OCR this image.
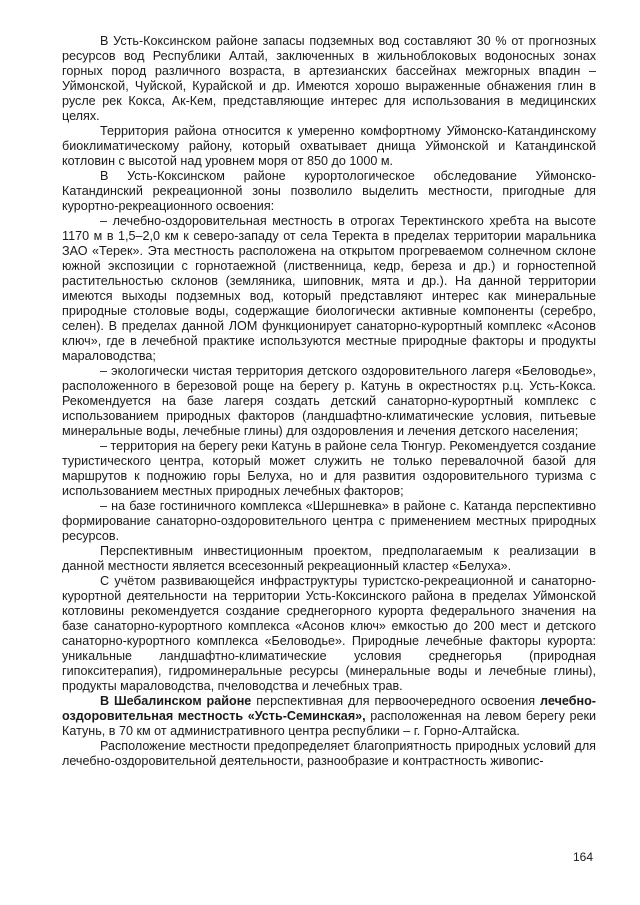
В Усть-Коксинском районе запасы подземных вод составляют 30 % от прогнозных ресурсов вод Республики Алтай, заключенных в жильноблоковых водоносных зонах горных пород различного возраста, в артезианских бассейнах межгорных впадин – Уймонской, Чуйской, Курайской и др. Имеются хорошо выраженные обнажения глин в русле рек Кокса, Ак-Кем, представляющие интерес для использования в медицинских целях.

Территория района относится к умеренно комфортному Уймонско-Катандинскому биоклиматическому району, который охватывает днища Уймонской и Катандинской котловин с высотой над уровнем моря от 850 до 1000 м.

В Усть-Коксинском районе курортологическое обследование Уймонско-Катандинский рекреационной зоны позволило выделить местности, пригодные для курортно-рекреационного освоения:

– лечебно-оздоровительная местность в отрогах Теректинского хребта на высоте 1170 м в 1,5–2,0 км к северо-западу от села Теректа в пределах территории маральника ЗАО «Терек». Эта местность расположена на открытом прогреваемом солнечном склоне южной экспозиции с горнотаежной (лиственница, кедр, береза и др.) и горностепной растительностью склонов (земляника, шиповник, мята и др.). На данной территории имеются выходы подземных вод, который представляют интерес как минеральные природные столовые воды, содержащие биологически активные компоненты (серебро, селен). В пределах данной ЛОМ функционирует санаторно-курортный комплекс «Асонов ключ», где в лечебной практике используются местные природные факторы и продукты мараловодства;

– экологически чистая территория детского оздоровительного лагеря «Беловодье», расположенного в березовой роще на берегу р. Катунь в окрестностях р.ц. Усть-Кокса. Рекомендуется на базе лагеря создать детский санаторно-курортный комплекс с использованием природных факторов (ландшафтно-климатические условия, питьевые минеральные воды, лечебные глины) для оздоровления и лечения детского населения;

– территория на берегу реки Катунь в районе села Тюнгур. Рекомендуется создание туристического центра, который может служить не только перевалочной базой для маршрутов к подножию горы Белуха, но и для развития оздоровительного туризма с использованием местных природных лечебных факторов;

– на базе гостиничного комплекса «Шершневка» в районе с. Катанда перспективно формирование санаторно-оздоровительного центра с применением местных природных ресурсов.

Перспективным инвестиционным проектом, предполагаемым к реализации в данной местности является всесезонный рекреационный кластер «Белуха».

С учётом развивающейся инфраструктуры туристско-рекреационной и санаторно-курортной деятельности на территории Усть-Коксинского района в пределах Уймонской котловины рекомендуется создание среднегорного курорта федерального значения на базе санаторно-курортного комплекса «Асонов ключ» емкостью до 200 мест и детского санаторно-курортного комплекса «Беловодье». Природные лечебные факторы курорта: уникальные ландшафтно-климатические условия среднегорья (природная гипокситерапия), гидроминеральные ресурсы (минеральные воды и лечебные глины), продукты мараловодства, пчеловодства и лечебных трав.

В Шебалинском районе перспективная для первоочередного освоения лечебно-оздоровительная местность «Усть-Семинская», расположенная на левом берегу реки Катунь, в 70 км от административного центра республики – г. Горно-Алтайска.

Расположение местности предопределяет благоприятность природных условий для лечебно-оздоровительной деятельности, разнообразие и контрастность живопис-

164
